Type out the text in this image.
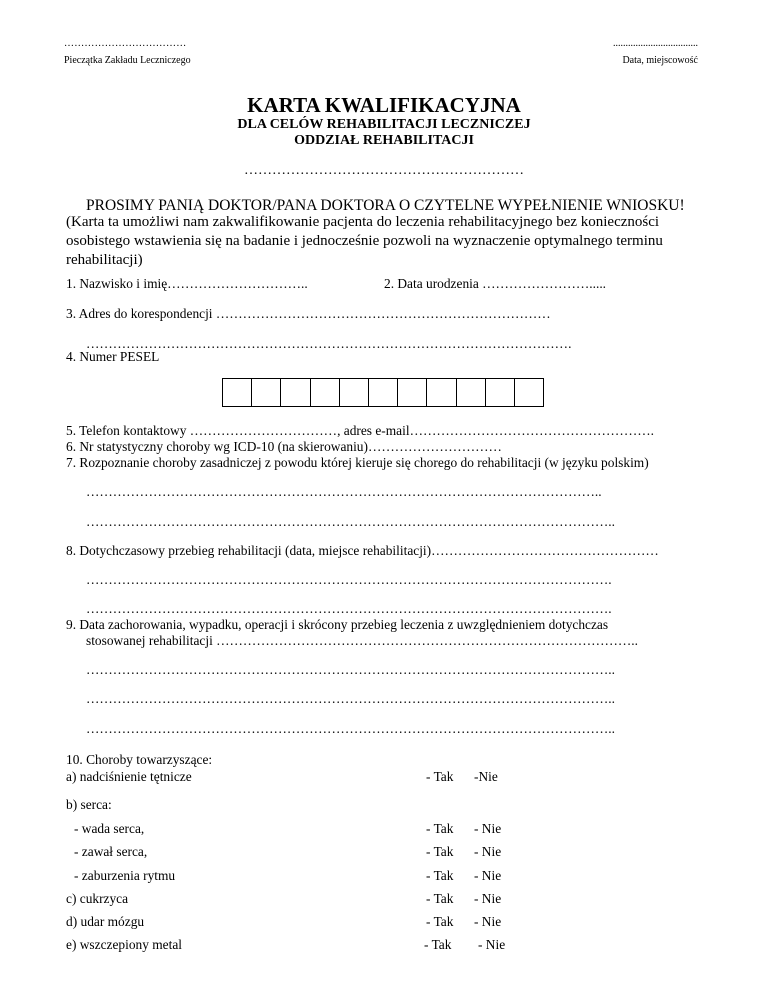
………………………………
Pieczątka Zakładu Leczniczego
..................................
Data, miejscowość
KARTA KWALIFIKACYJNA
DLA CELÓW REHABILITACJI LECZNICZEJ
ODDZIAŁ REHABILITACJI
……………………………………………………
PROSIMY PANIĄ DOKTOR/PANA DOKTORA O CZYTELNE WYPEŁNIENIE WNIOSKU!
(Karta ta umożliwi nam zakwalifikowanie pacjenta do leczenia rehabilitacyjnego bez konieczności osobistego wstawienia się na badanie i jednocześnie pozwoli na wyznaczenie optymalnego terminu rehabilitacji)
1. Nazwisko i imię…………………………..	2. Data urodzenia …………………….....
3. Adres do korespondencji …………………………………………………………………
……………………………………………………………………………………………….
4. Numer PESEL
5. Telefon kontaktowy ……………………………, adres e-mail……………………………………………….
6. Nr statystyczny choroby wg ICD-10 (na skierowaniu)…………………………
7. Rozpoznanie choroby zasadniczej z powodu której kieruje się chorego do rehabilitacji (w języku polskim)
……………………………………………………………………………………………………..
………………………………………………………………………………………………………..
8. Dotychczasowy przebieg rehabilitacji (data, miejsce rehabilitacji)……………………………………………
……………………………………………………………………………………………………….
……………………………………………………………………………………………………….
9. Data zachorowania, wypadku, operacji i skrócony przebieg leczenia z uwzględnieniem dotychczas
stosowanej rehabilitacji …………………………………………………………………………………..
………………………………………………………………………………………………………..
………………………………………………………………………………………………………..
………………………………………………………………………………………………………..
10. Choroby towarzyszące:
a) nadciśnienie tętnicze	- Tak -Nie
b) serca:
- wada serca,	- Tak - Nie
- zawał serca,	- Tak - Nie
- zaburzenia rytmu	- Tak - Nie
c) cukrzyca	- Tak - Nie
d) udar mózgu	- Tak - Nie
e) wszczepiony metal	- Tak - Nie
